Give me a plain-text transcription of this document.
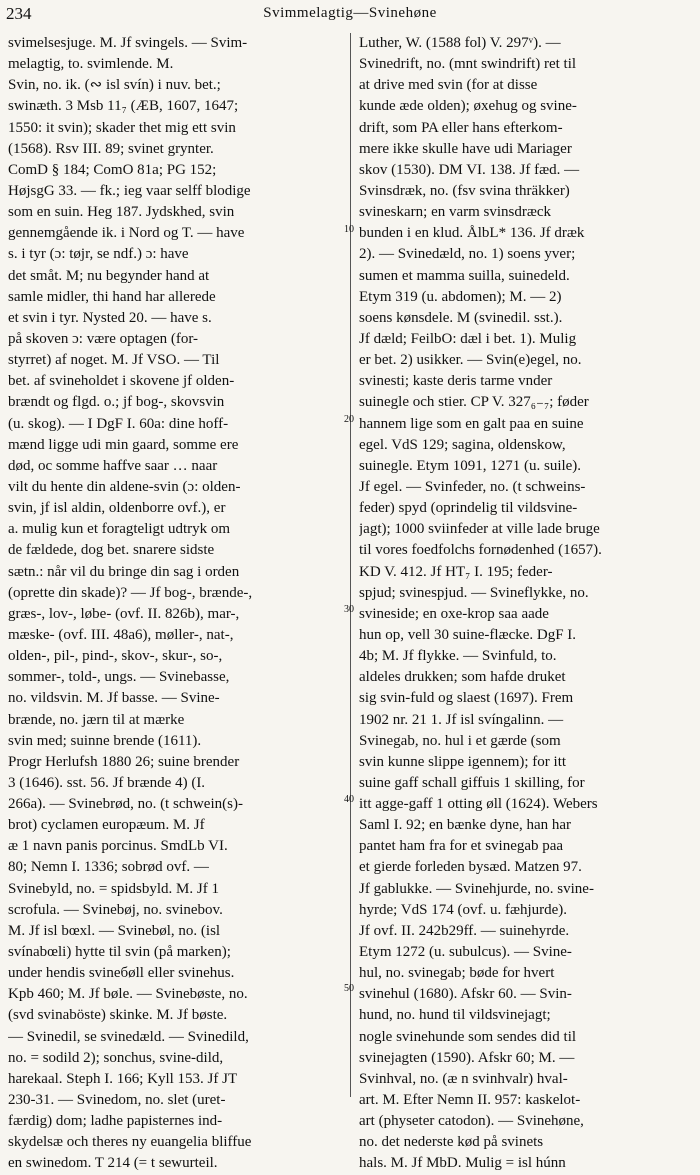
234	Svimmelagtig—Svinehøne
10
20
30
40
50
svimelsesjuge. M. Jf svingels. — Svim-
melagtig, to. svimlende. M.
Svin, no. ik. (∾ isl svín) i nuv. bet.;
swinæth. 3 Msb 11₇ (ÆB, 1607, 1647;
1550: it svin); skader thet mig ett svin
(1568). Rsv III. 89; svinet grynter.
ComD § 184; ComO 81a; PG 152;
HøjsgG 33. — fk.; ieg vaar selff blodige
som en suin. Heg 187. Jydskhed, svin
gennemgående ik. i Nord og T. — have
s. i tyr (ɔ: tøjr, se ndf.) ɔ: have
det småt. M; nu begynder hand at
samle midler, thi hand har allerede
et svin i tyr. Nysted 20. — have s.
på skoven ɔ: være optagen (for-
styrret) af noget. M. Jf VSO. — Til
bet. af svineholdet i skovene jf olden-
brændt og flgd. o.; jf bog-, skovsvin
(u. skog). — I DgF I. 60a: dine hoff-
mænd ligge udi min gaard, somme ere
død, oc somme haffve saar … naar
vilt du hente din aldene-svin (ɔ: olden-
svin, jf isl aldin, oldenborre ovf.), er
a. mulig kun et foragteligt udtryk om
de fældede, dog bet. snarere sidste
sætn.: når vil du bringe din sag i orden
(oprette din skade)? — Jf bog-, brænde-,
græs-, lov-, løbe- (ovf. II. 826b), mar-,
mæske- (ovf. III. 48a6), møller-, nat-,
olden-, pil-, pind-, skov-, skur-, so-,
sommer-, told-, ungs. — Svinebasse,
no. vildsvin. M. Jf basse. — Svine-
brænde, no. jærn til at mærke
svin med; suinne brende (1611).
Progr Herlufsh 1880 26; suine brender
3 (1646). sst. 56. Jf brænde 4) (I.
266a). — Svinebrød, no. (t schwein(s)-
brot) cyclamen europæum. M. Jf
æ 1 navn panis porcinus. SmdLb VI.
80; Nemn I. 1336; sobrød ovf. —
Svinebyld, no. = spidsbyld. M. Jf 1
scrofula. — Svinebøj, no. svinebov.
M. Jf isl bœxl. — Svinebøl, no. (isl
svínabœli) hytte til svin (på marken);
under hendis svineбøll eller svinehus.
Kpb 460; M. Jf bøle. — Svinebøste, no.
(svd svinaböste) skinke. M. Jf bøste.
— Svinedil, se svinedæld. — Svinedild,
no. = sodild 2); sonchus, svine-dild,
harekaal. Steph I. 166; Kyll 153. Jf JT
230-31. — Svinedom, no. slet (uret-
færdig) dom; ladhe papisternes ind-
skydelsæ och theres ny euangelia bliffue
en swinedom. T 214 (= t sewurteil.
Luther, W. (1588 fol) V. 297ᵛ). —
Svinedrift, no. (mnt swindrift) ret til
at drive med svin (for at disse
kunde æde olden); øxehug og svine-
drift, som PA eller hans efterkom-
mere ikke skulle have udi Mariager
skov (1530). DM VI. 138. Jf fæd. —
Svinsdræk, no. (fsv svina thräkker)
svineskarn; en varm svinsdræck
bunden i en klud. ÅlbL* 136. Jf dræk
2). — Svinedæld, no. 1) soens yver;
sumen et mamma suilla, suinedeld.
Etym 319 (u. abdomen); M. — 2)
soens kønsdele. M (svinedil. sst.).
Jf dæld; FeilbO: dæl i bet. 1). Mulig
er bet. 2) usikker. — Svin(e)egel, no.
svinesti; kaste deris tarme vnder
suinegle och stier. CP V. 327₆₋₇; føder
hannem lige som en galt paa en suine
egel. VdS 129; sagina, oldenskow,
suinegle. Etym 1091, 1271 (u. suile).
Jf egel. — Svinfeder, no. (t schweins-
feder) spyd (oprindelig til vildsvine-
jagt); 1000 sviinfeder at ville lade bruge
til vores foedfolchs fornødenhed (1657).
KD V. 412. Jf HT₇ I. 195; feder-
spjud; svinespjud. — Svineflykke, no.
svineside; en oxe-krop saa aade
hun op, vell 30 suine-flæcke. DgF I.
4b; M. Jf flykke. — Svinfuld, to.
aldeles drukken; som hafde druket
sig svin-fuld og slaest (1697). Frem
1902 nr. 21 1. Jf isl svíngalinn. —
Svinegab, no. hul i et gærde (som
svin kunne slippe igennem); for itt
suine gaff schall giffuis 1 skilling, for
itt agge-gaff 1 otting øll (1624). Webers
Saml I. 92; en bænke dyne, han har
pantet ham fra for et svinegab paa
et gierde forleden bysæd. Matzen 97.
Jf gablukke. — Svinehjurde, no. svine-
hyrde; VdS 174 (ovf. u. fæhjurde).
Jf ovf. II. 242b29ff. — suinehyrde.
Etym 1272 (u. subulcus). — Svine-
hul, no. svinegab; bøde for hvert
svinehul (1680). Afskr 60. — Svin-
hund, no. hund til vildsvinejagt;
nogle svinehunde som sendes did til
svinejagten (1590). Afskr 60; M. —
Svinhval, no. (æ n svinhvalr) hval-
art. M. Efter Nemn II. 957: kaskelot-
art (physeter catodon). — Svinehøne,
no. det nederste kød på svinets
hals. M. Jf MbD. Mulig = isl húnn
